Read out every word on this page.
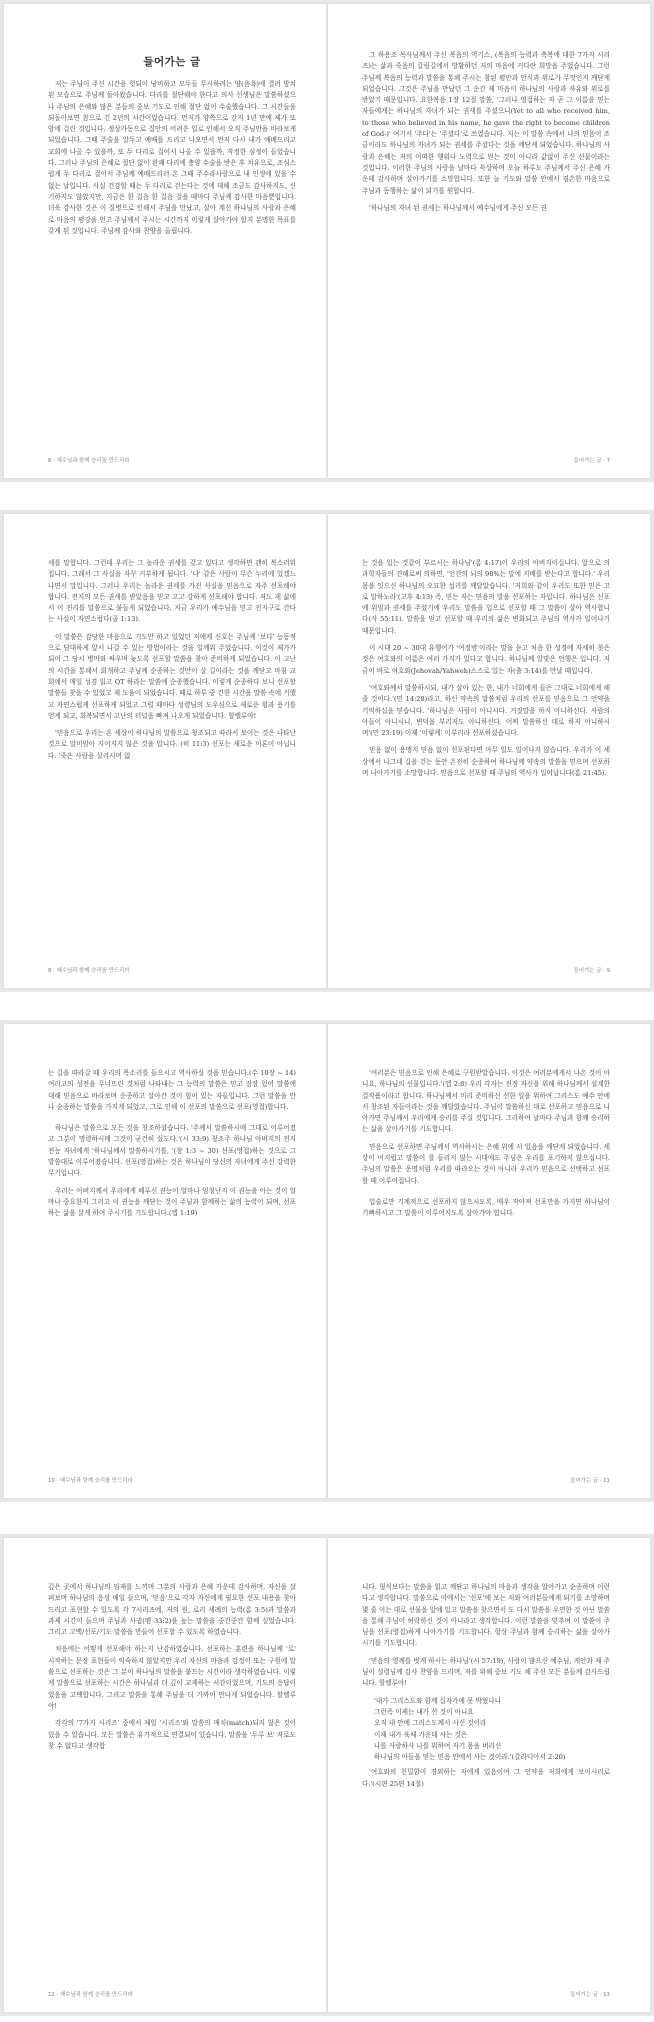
들어가는 글

저는 주님이 주신 시간을 헛되이 낭비하고 모두들 무시하려는 양(음욕)에 결려 방치된 모습으로 주님께 돌아왔습니다. 다리를 절단해야 한다고 의사 선생님은 말씀하셨으나 주님의 은혜와 많은 분들의 중보 기도로 인해 절단 없이 수술했습니다. 그 시간들을 되돌아보면 참으로 긴 2년의 시간이었습니다. 먼저가 양쪽으로 간지 1년 만에 제가 또 암에 걸린 것입니다. 정상가동으로 집안의 어려운 일로 인해서 오직 주님만을 바라보게 되었습니다. 그때 주술을 알두고 예배를 드리고 나오면서 먼저 다시 내가 예배드리고 교회에 나올 수 있을까, 또 두 다리로 걸어서 나올 수 있을까, 작정한 심정이 들었습니다. 그러나 주님의 은혜로 절단 없이 완쾌 다리에 충양 수술을 받은 후 치유으로, 조심스럽게 두 다리로 걸어서 주님께 예배드리러 온 그때 주수라사랑으로 내 인생에 있을 수 없는 날입니다. 사실 건강할 때는 두 다리로 걷는다는 것에 대해 조금도 감사하지도, 신기하지도 않았지만, 지금은 한 걸음 한 걸음 걸을 때마다 주님께 감사한 마음뿐입니다. 더욱 감사한 것은 이 질병으로 인해서 주님을 만났고, 살아 계신 하나님의 사랑과 은혜로 마음의 평강을 얻고 주님께서 주시는 시간까지 이렇게 살아가야 할지 분명한 목표를 갖게 된 것입니다. 주님께 감사와 찬양을 올립니다.

6 · 예수님과 함께 승리를 만드리라

그 하용조 목사님께서 주신 복음의 역기스, (복음의 능력과 축복에 대한 7가지 시리즈)는 삶과 죽음의 갈림길에서 방황하던 저의 마음에 커다란 희망을 주었습니다. 그런 주님께 복음의 능력과 말씀을 통해 주시는 참된 평안과 안식과 위로가 무엇인지 깨닫게 되었습니다. 그것은 주님을 만났던 그 순간 제 마음이 하나님의 사랑과 자유와 위로를 받았기 때문입니다. 요한복음 1장 12절 말씀, '그러나 영접하는 자 곧 그 이름을 믿는 자들에게는 하나님의 자녀가 되는 권세를 주셨으니(Yet to all who received him, to those who believed in his name, he gave the right to become children of God-)' 여기서 '주다'는 '주셨다'로 쓰였습니다. 저는 이 말씀 속에서 나의 믿음이 조금이라도 하나님의 자녀가 되는 권세를 주셨다는 것을 깨닫게 되었습니다. 하나님의 사랑과 은혜는 저의 어떠한 행위나 노력으로 얻는 것이 아니라 값없이 주신 선물이라는 것입니다. 이러한 주님의 사랑을 날마다 묵상하며 오늘 하루도 주님께서 주신 은혜 가운데 감사하며 살아가기를 소망합니다. 또한 늘 기도와 말씀 안에서 겸손한 마음으로 주님과 동행하는 삶이 되기를 원합니다.

'하나님의 자녀 된 권세는 하나님께서 예수님에게 주신 모든 권

들어가는 글 · 7

세를 말합니다. 그런데 우리는 그 놀라운 권세를 갖고 있다고 생각하면 괜히 복스러워집니다. 그래서 그 사실을 자꾸 거부하게 됩니다. '나' 같은 사람이 무슨 누리에 있겠느냐면서 말입니다. 그러나 우리는 놀라운 권세를 가진 사실을 믿음으로 자주 선포해야 합니다. 전지의 모든 권세를 받았음을 믿고 고고 강하게 선포해야 합니다. 저도 제 삶에서 이 진리를 말씀으로 붙들게 되었습니다. 지금 우리가 예수님을 믿고 전지구로 간다는 사실이 자연스럽다(골 1:13).

이 말씀은 감당한 마음으로 기도만 하고 있었던 저에게 신호는 주님께 '보다' 능동적으로 담대하게 앞서 나갈 수 있는 방법이라는 것을 일깨워 주었습니다. 이것이 제가가 되어 그 당시 병마와 싸우며 늦도록 선포할 말씀을 찾아 준비하게 되었습니다. 이 고난의 시간을 통해서 회개하고 주님께 순종하는 것만이 살 길이라는 것을 깨닫고 마침 교회에서 매일 성경 읽고 QT 하라는 말씀에 순종했습니다. 이렇게 순종하다 보니 선포할 말씀들 찾을 수 있었고 제 도움이 되었습니다. 때로 하루 중 긴한 시간을 말씀 속에 거했고 자연스럽게 선포하게 되었고 그럴 때마다 성령님의 도우심으로 새로운 힘과 용기를 얻게 되고, 회복되면서 고난의 터널을 빠져 나오게 되었습니다. 할렐루야!

'믿음으로 우리는 온 세상이 하나님의 말씀으로 창조되고 따라서 보이는 것은 나타난 것으로 말미암아 지어지지 않은 것을 압니다. (히 11:3) 선포는 새로운 이론이 아닙니다. '죽은 사람을 살리시며 없

8 · 예수님과 함께 승리를 만드리라

는 것을 있는 것같이 부르시는 하나님'(롬 4:17)이 우리의 아버지이십니다. 앞으로 의 과학자들의 견해로써 의하면, '인간의 뇌의 98%는 말에 지배를 받는다고 합니다.' 우리 몸을 잇으신 하나님의 오묘한 섭리를 깨달았습니다. '저희와 같이 우리도 또한 믿은 고로 말하노라'(고후 4:13) 즉, 믿는 자는 믿음의 말을 선포하는 자입니다. 하나님은 선포에 위엄과 권세를 주셨기에 우리도 말씀을 입으로 선포할 때 그 말씀이 살아 역사합니다(사 55:11). 말씀을 믿고 선포할 때 우리의 삶은 변화되고 주님의 역사가 일어나기 때문입니다.

이 시대 20 ~ 30대 유행어가 '여정범'이라는 말을 듣고 처음 한 성경에 자세히 찾은 것은 여호와의 이름은 여러 가지가 있다고 합니다. 하나님께 알맞은 언행은 입니다. 지금이 바로 여호와(Jehovah/Yahweh)스스로 있는 자(출 3:14)를 만날 때입니다.

'여호와께서 말씀하시되, 내가 살아 있는 한, 내가 너희에게 들은 그대로 너희에게 해 줄 것이다.'(민 14:28)라고, 하신 약속의 말씀처럼 우리의 선포를 믿음으로 그 언약을 기억하십을 믿습니다. '하나님은 사람이 아니시다. 거짓말을 하지 아니하신다. 사람의 아들이 아니시니, 변덕을 부리지도 아니하신다. 어찌 말씀하신 대로 하지 아니하시며'(민 23:19) 이제 '이렇게' 이루리라 선포하셨습니다.

믿음 없이 용맹지 믿음 없이 선포된다면 아무 일도 일어나지 않습니다. 우리가 이 세상에서 나그네 길을 걷는 동안 온전히 순종하여 하나님께 약속의 말씀을 믿으며 선포하며 나아가기를 소망합니다. 믿음으로 선포할 때 주님의 역사가 일어납니다(롬 21:45).

들어가는 글 · 9

는 길을 따라갈 때 우리의 목소리를 들으시고 역사하실 것을 믿습니다.(수 10장 ~ 14) 여리고의 성전을 무너뜨린 것처럼 나타내는 그 능력의 말씀은 믿고 잠잠 있어 말씀에 대해 믿음으로 바라보며 순종하고 살아간 것이 힘이 있는 자들입니다. 그런 말씀을 만나 순종하는 말씀을 가지게 되었고, 그로 인해 이 선포의 말씀으로 선포(영접)합니다.

하나님은 말씀으로 모든 것을 창조하셨습니다. '주께서 말씀하시매 그대로 이루어졌고 그분이 명령하시매 그것이 굳건히 섰도다.'(시 33:9) 창조주 하나님 아버지의 전지 전능 자녀에게 '하나님께서 말씀하시기를, '(창 1:3 ~ 30) 선포(영접)하는 것으로 그 말씀대로 이루어졌습니다. 선포(영접)하는 것은 하나님이 당신의 자녀에게 주신 강력한 무기입니다.

우리는 아버지께서 우리에게 베푸신 권능이 얼마나 엄청난지 이 권능을 아는 것이 얼마나 중요한지 그리고 이 권능을 깨닫는 것이 주님과 함께하는 삶의 능력이 되며, 선포하는 삶을 살게 하여 주시기를 기도합니다.(엡 1:19)

10 · 예수님과 함께 승리를 만드리라

'여러분은 믿음으로 인해 은혜로 구원받았습니다. 이것은 여러분에게서 나온 것이 아니요, 하나님의 선물입니다.'(엡 2:8) 우리 각자는 진정 자신을 위해 하나님께서 설계한 걸작품이라고 합니다. 하나님께서 미리 준비하신 선한 일을 위하여 그리스도 예수 안에서 창조된 자들이라는 것을 깨달았습니다. 주님이 말씀하신 대로 선포하고 믿음으로 나아가면 주님께서 우리에게 승리를 주실 것입니다. 그리하여 날마다 주님과 함께 승리하는 삶을 살아가기를 기도합니다.

믿음으로 선포하면 주님께서 역사하시는 은혜 위에 서 있음을 깨닫게 되었습니다. 세상이 어지럽고 말씀이 잘 들리지 않는 시대에도 주님은 우리를 포기하지 않으십니다. 주님의 말씀은 운명처럼 우리를 따라오는 것이 아니라 우리가 믿음으로 선택하고 선포할 때 이루어집니다.

입술로만 기계적으로 선포하지 않으시도록, 매우 작아져 선포만을 가지면 하나님이 기뻐하시고 그 말씀이 이루어지도록 살아가야 합니다.

들어가는 글 · 11

깊은 곳에서 하나님의 임재를 느끼며 그분의 사랑과 은혜 가운데 감사하며, 자신을 살펴보며 하나님의 음성 매일 들으며, '믿음'으로 각자 자신에게 필요한 선포 내용을 찾아 드리고 표현할 수 있도록 각 7시리즈에, 저의 원, 로리 세례의 능력(롬 3:5)과 말씀과 과제 시간이 들으며 주님과 사귐(렘 33:2)을 높는 말씀을 중간중간 함께 실었습니다. 그리고 고백/선포/기도 말씀을 만들어 선포할 수 있도록 하였습니다.

처음에는 어떻게 선포해야 하는지 난감하였습니다. 선포하는 훈련을 하나님께 '로' 시작하는 문장 표현들이 익숙하지 않았지만 우리 자신의 마음과 감정이 또는 구원에 말씀으로 선포하는 것은 그 분이 하나님의 말씀을 붙드는 시간이라 생각하였습니다. 이렇게 말씀으로 선포하는 시간은 하나님과 더 깊이 교제하는 시간이었으며, 기도의 응답이었음을 고백합니다. 그리고 말씀을 통해 주님을 더 가까이 만나게 되었습니다. 할렐루야!

각각의 '7가지 시리즈' 중에서 제일 '시리즈'와 말씀의 매치(match)되지 않은 것이 있을 수 있습니다. 모든 말씀은 유기적으로 연결되어 있습니다. 말씀을 '두루 보' 자로도 찾 수 없다고 생각합

12 · 예수님과 함께 승리를 만드리라

니다. 형식보다는 말씀을 읽고 깨닫고 하나님의 마음과 생각을 알아가고 순종하며 이런다고 생각합니다. 말씀으로 이에서는 '선포'에 보는 저와 여러분들에게 되기를 소망하며 몇 줄 이는 대로 선물을 앞에 있고 말씀을 찾으면서 도 다시 말씀을 우연한 것 아닌 말씀을 통해 주님이 허락하신 것이 아니라고 생각합니다. 이런 말씀을 맞추며 이 말씀이 주님을 선포(영접)하게 나아가기를 기도합니다. 항상 주님과 함께 승리하는 삶을 살아가시기를 기도합니다.

'믿음의 영께를 벗게 하시는 하나님'(시 57:19), 사랑이 많으신 예수님, 게안과 제 주님이 성령님께 감사 찬양을 드리며, 저를 위해 중보 기도 해 주신 모든 분들께 감사드립니다. 할렐루야!

'내가 그리스도와 함께 십자가에 못 박혔나니
그런즉 이제는 내가 산 것이 아니요
오직 내 안에 그리스도께서 사신 것이라
이제 내가 육체 가운데 사는 것은
나를 사랑하사 나를 위하여 자기 몸을 버리신
하나님의 아들을 믿는 믿음 안에서 사는 것이라.'(갈라디아서 2:20)

'여호와의 친밀함이 경외하는 자에게 있음이여 그 언약을 저희에게 보이시리로다.'(시편 25편 14절)

들어가는 글 · 13
